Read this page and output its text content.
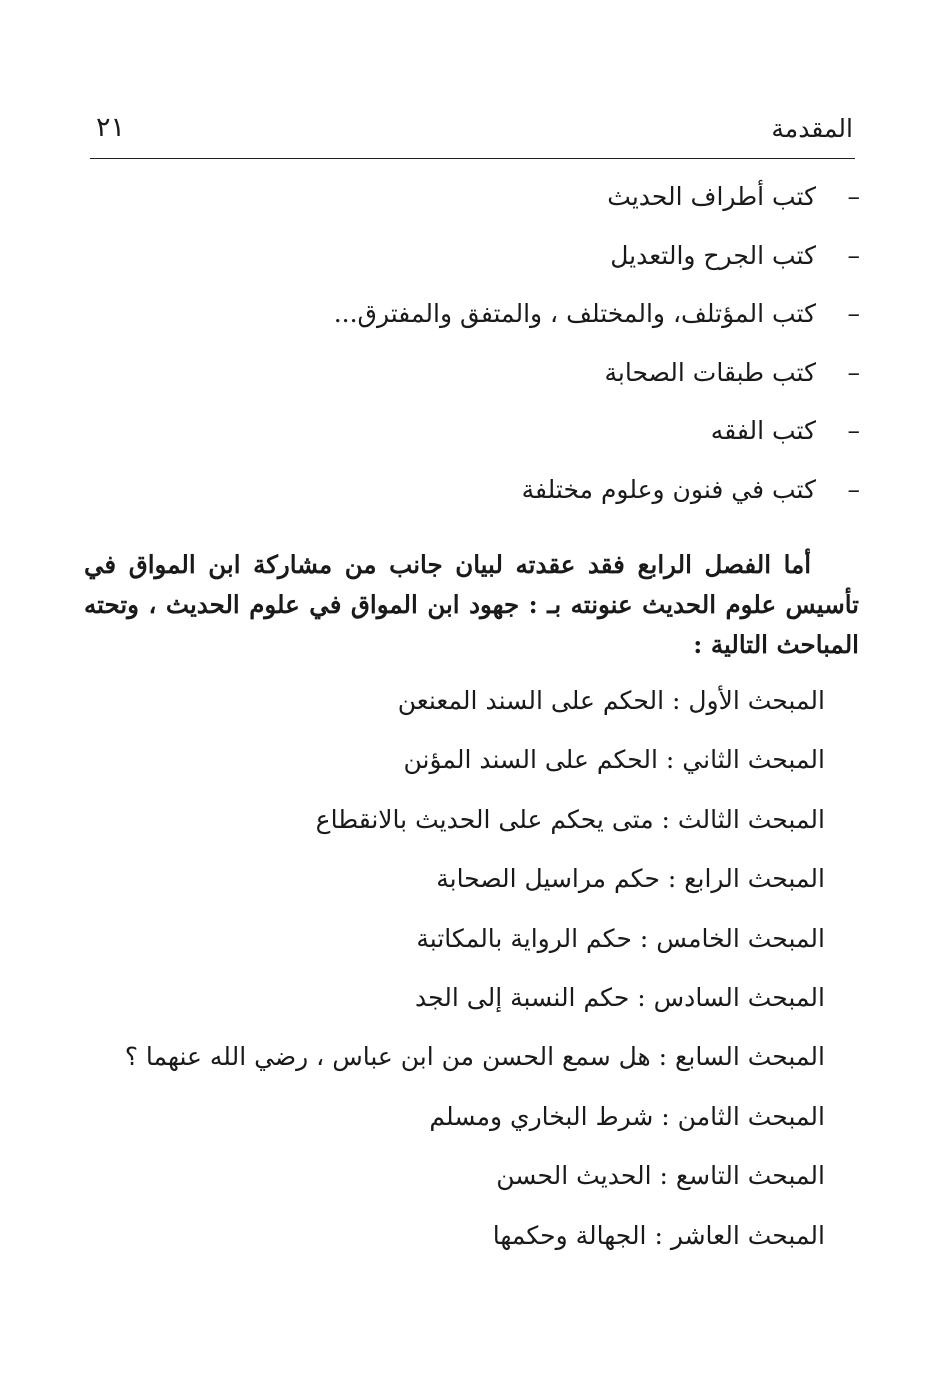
المقدمة
٢١
–
كتب أطراف الحديث
–
كتب الجرح والتعديل
–
كتب المؤتلف، والمختلف ، والمتفق والمفترق...
–
كتب طبقات الصحابة
–
كتب الفقه
–
كتب في فنون وعلوم مختلفة

أما الفصل الرابع فقد عقدته لبيان جانب من مشاركة ابن المواق في تأسيس علوم الحديث عنونته بـ : جهود ابن المواق في علوم الحديث ، وتحته المباحث التالية :

المبحث الأول : الحكم على السند المعنعن
المبحث الثاني : الحكم على السند المؤنن
المبحث الثالث : متى يحكم على الحديث بالانقطاع
المبحث الرابع : حكم مراسيل الصحابة
المبحث الخامس : حكم الرواية بالمكاتبة
المبحث السادس : حكم النسبة إلى الجد
المبحث السابع : هل سمع الحسن من ابن عباس ، رضي الله عنهما ؟
المبحث الثامن : شرط البخاري ومسلم
المبحث التاسع : الحديث الحسن
المبحث العاشر : الجهالة وحكمها
